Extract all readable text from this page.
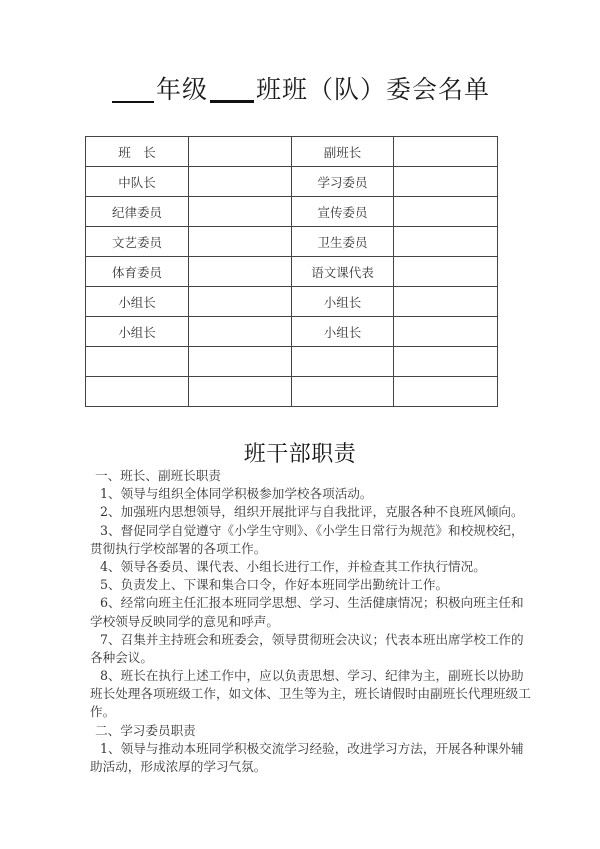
年级 班班（队）委会名单
班　长		副班长	
中队长		学习委员	
纪律委员		宣传委员	
文艺委员		卫生委员	
体育委员		语文课代表	
小组长		小组长	
小组长		小组长	

班干部职责
一、班长、副班长职责
1、领导与组织全体同学积极参加学校各项活动。
2、加强班内思想领导，组织开展批评与自我批评，克服各种不良班风倾向。
3、督促同学自觉遵守《小学生守则》、《小学生日常行为规范》和校规校纪，
贯彻执行学校部署的各项工作。
4、领导各委员、课代表、小组长进行工作，并检查其工作执行情况。
5、负责发上、下课和集合口令，作好本班同学出勤统计工作。
6、经常向班主任汇报本班同学思想、学习、生活健康情况；积极向班主任和
学校领导反映同学的意见和呼声。
7、召集并主持班会和班委会，领导贯彻班会决议；代表本班出席学校工作的
各种会议。
8、班长在执行上述工作中，应以负责思想、学习、纪律为主，副班长以协助
班长处理各项班级工作，如文体、卫生等为主，班长请假时由副班长代理班级工
作。
二、学习委员职责
1、领导与推动本班同学积极交流学习经验，改进学习方法，开展各种课外辅
助活动，形成浓厚的学习气氛。
